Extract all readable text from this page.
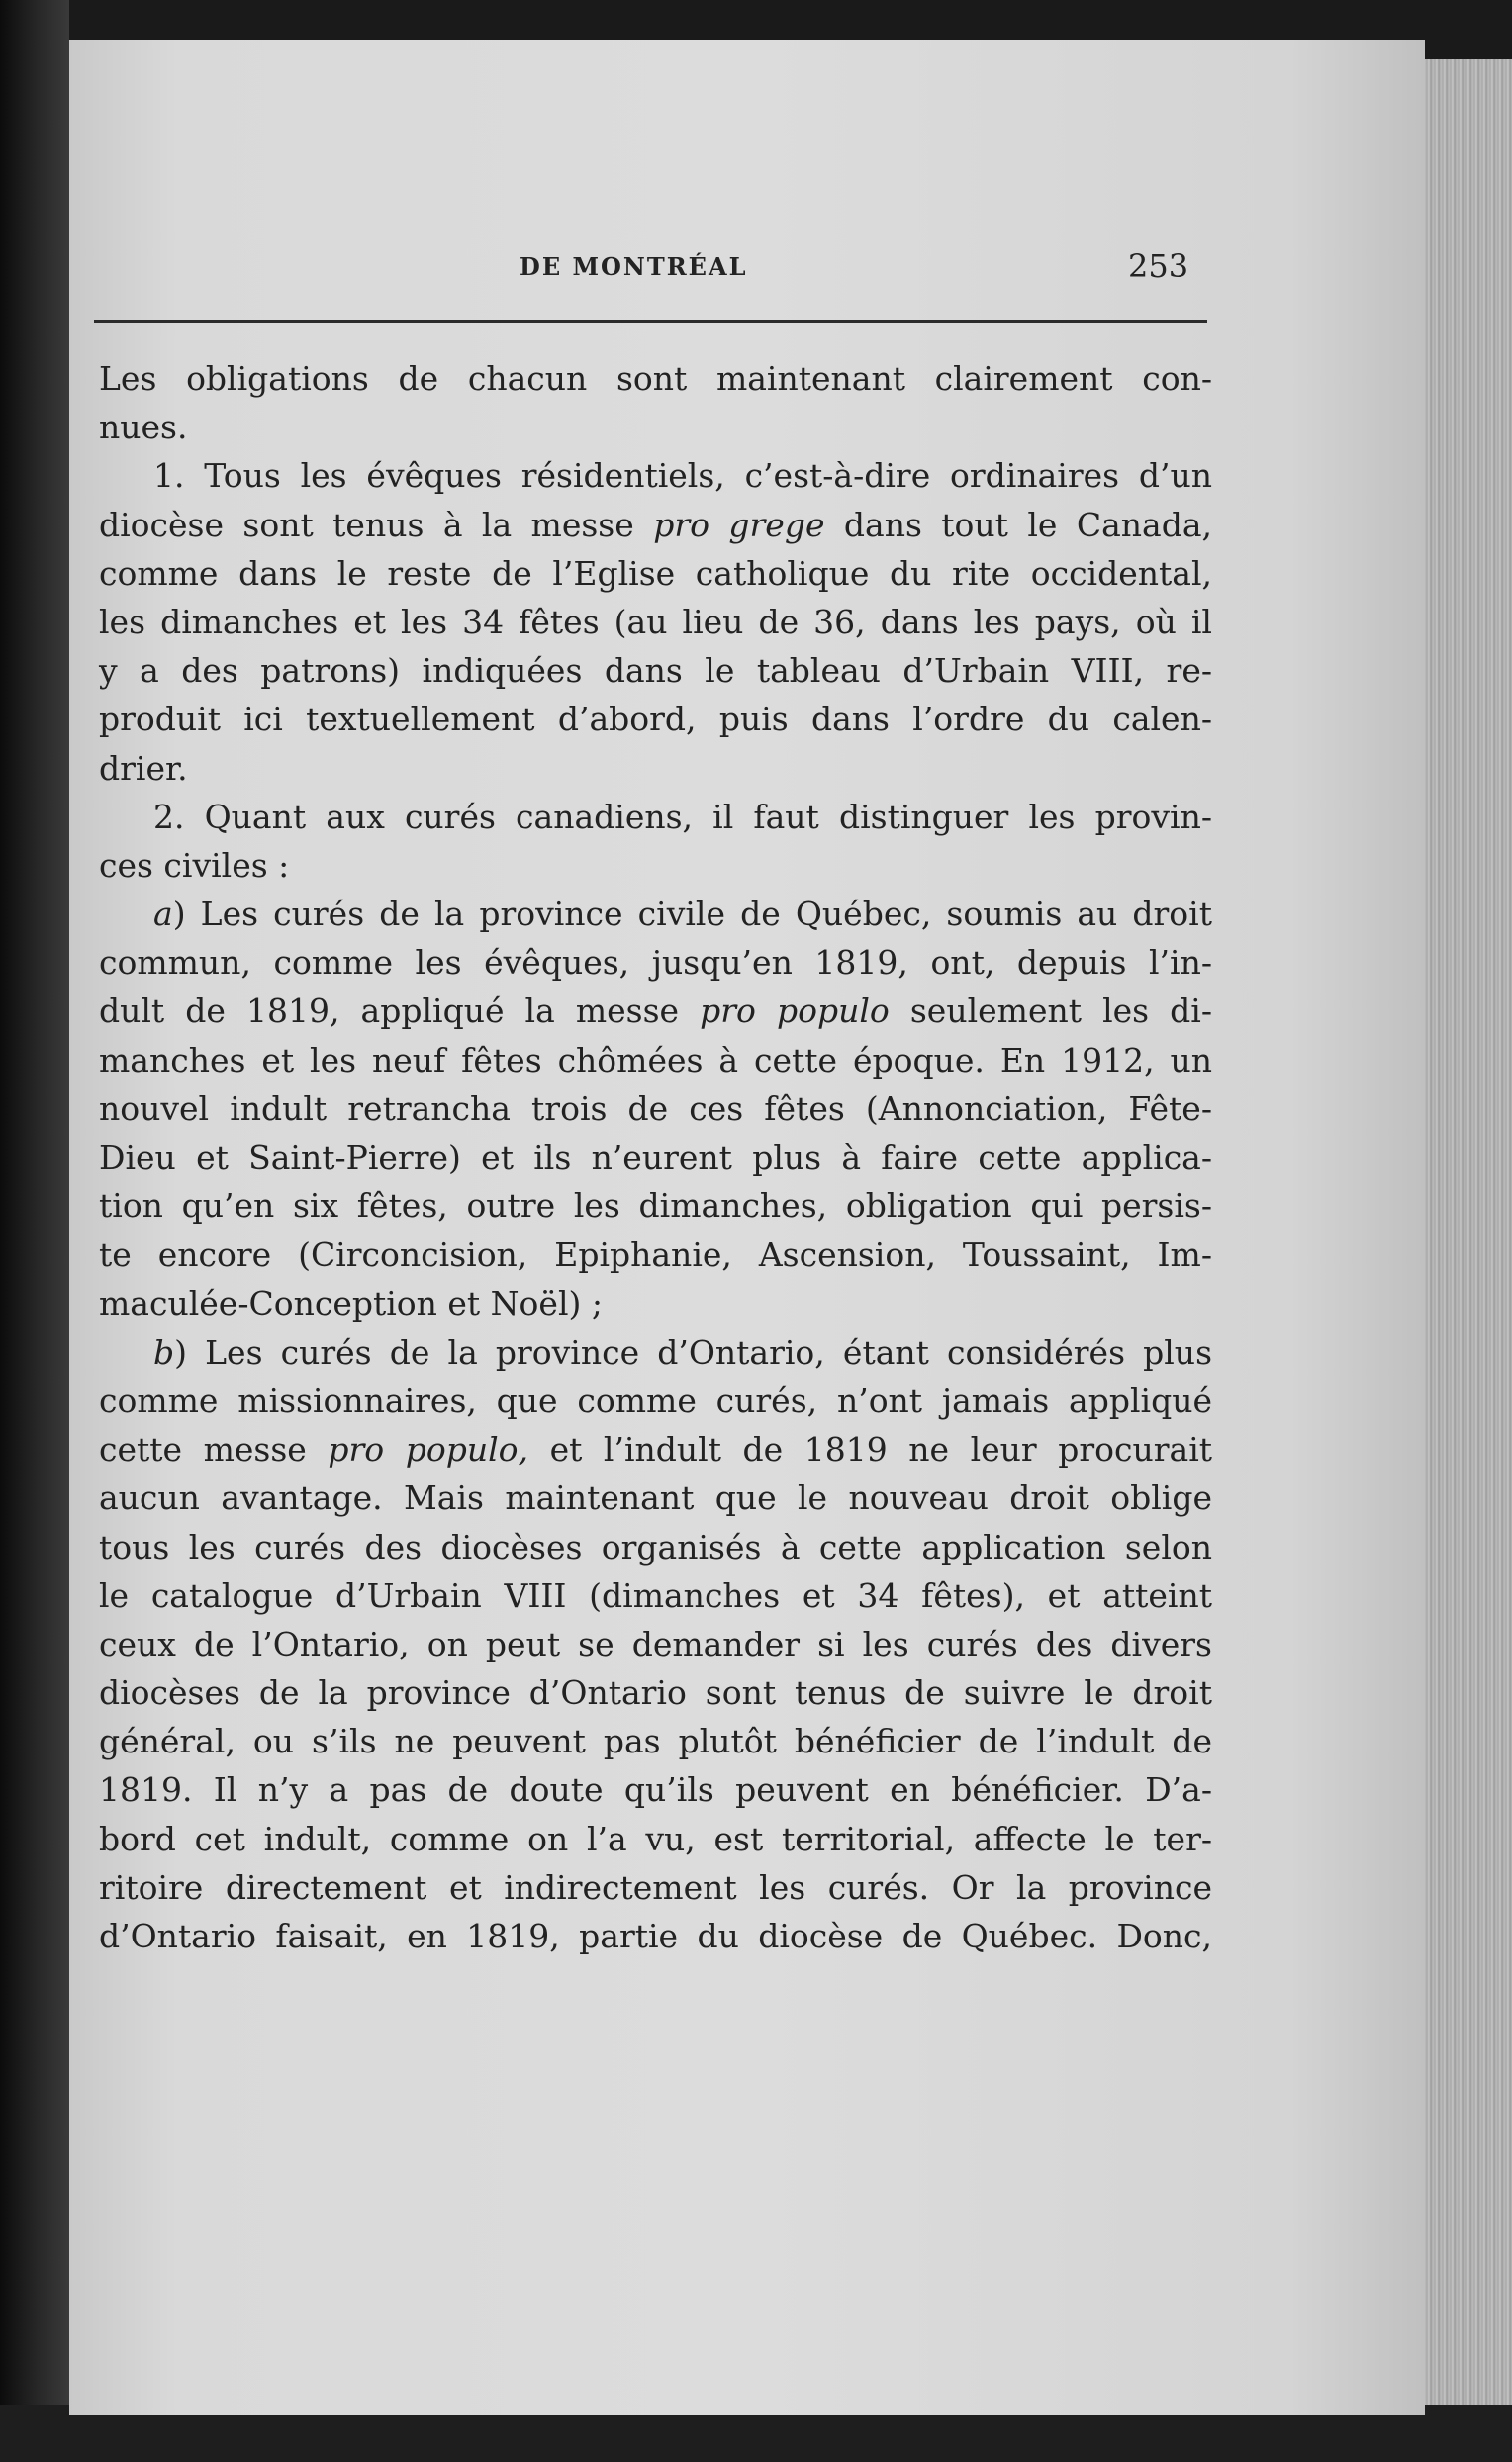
DE MONTRÉAL	253
Les obligations de chacun sont maintenant clairement con-
nues.
1. Tous les évêques résidentiels, c’est-à-dire ordinaires d’un
diocèse sont tenus à la messe pro grege dans tout le Canada,
comme dans le reste de l’Eglise catholique du rite occidental,
les dimanches et les 34 fêtes (au lieu de 36, dans les pays, où il
y a des patrons) indiquées dans le tableau d’Urbain VIII, re-
produit ici textuellement d’abord, puis dans l’ordre du calen-
drier.
2. Quant aux curés canadiens, il faut distinguer les provin-
ces civiles :
a) Les curés de la province civile de Québec, soumis au droit
commun, comme les évêques, jusqu’en 1819, ont, depuis l’in-
dult de 1819, appliqué la messe pro populo seulement les di-
manches et les neuf fêtes chômées à cette époque. En 1912, un
nouvel indult retrancha trois de ces fêtes (Annonciation, Fête-
Dieu et Saint-Pierre) et ils n’eurent plus à faire cette applica-
tion qu’en six fêtes, outre les dimanches, obligation qui persis-
te encore (Circoncision, Epiphanie, Ascension, Toussaint, Im-
maculée-Conception et Noël) ;
b) Les curés de la province d’Ontario, étant considérés plus
comme missionnaires, que comme curés, n’ont jamais appliqué
cette messe pro populo, et l’indult de 1819 ne leur procurait
aucun avantage. Mais maintenant que le nouveau droit oblige
tous les curés des diocèses organisés à cette application selon
le catalogue d’Urbain VIII (dimanches et 34 fêtes), et atteint
ceux de l’Ontario, on peut se demander si les curés des divers
diocèses de la province d’Ontario sont tenus de suivre le droit
général, ou s’ils ne peuvent pas plutôt bénéficier de l’indult de
1819. Il n’y a pas de doute qu’ils peuvent en bénéficier. D’a-
bord cet indult, comme on l’a vu, est territorial, affecte le ter-
ritoire directement et indirectement les curés. Or la province
d’Ontario faisait, en 1819, partie du diocèse de Québec. Donc,
